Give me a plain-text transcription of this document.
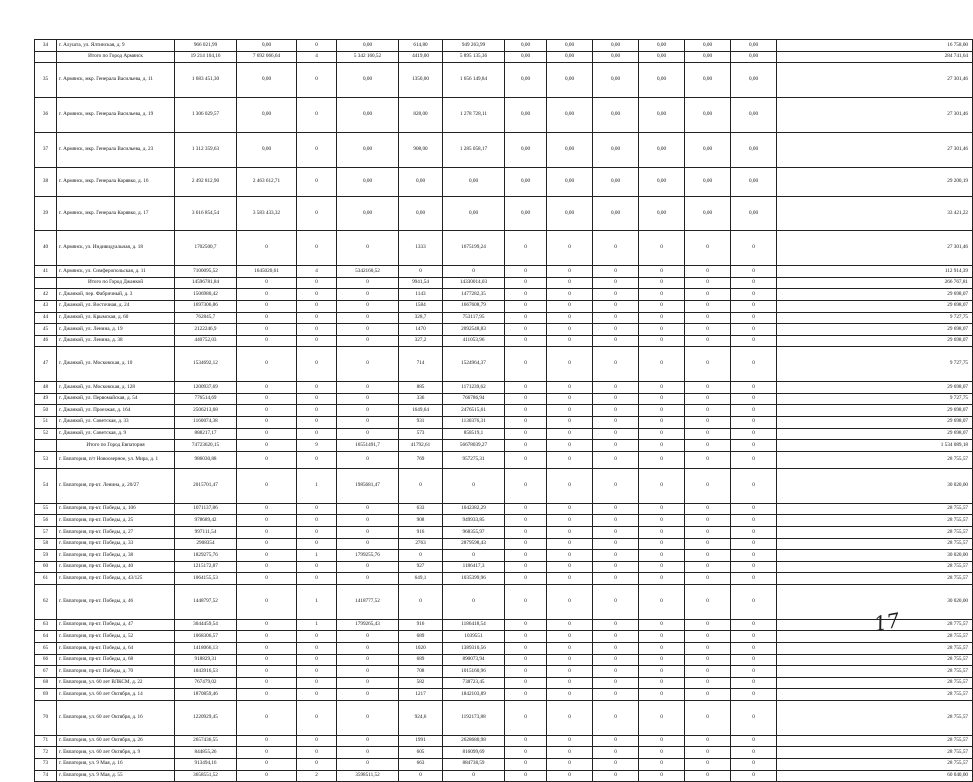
34	г. Алушта, ул. Ялтинская, д. 9	966 021,99	0,00	0	0,00	614,80	949 263,99	0,00	0,00	0,00	0,00	0,00	0,00	16 758,00
	Итого по Город Армянск	19 214 104,16	7 692 066,64	4	5 342 160,52	4419,00	5 895 135,36	0,00	0,00	0,00	0,00	0,00	0,00	284 741,64
35	г. Армянск, мкр. Генерала Васильева, д. 11	1 683 451,30	0,00	0	0,00	1350,00	1 656 149,84	0,00	0,00	0,00	0,00	0,00	0,00	27 301,46
36	г. Армянск, мкр. Генерала Васильева, д. 19	1 306 029,57	0,00	0	0,00	828,00	1 278 728,11	0,00	0,00	0,00	0,00	0,00	0,00	27 301,46
37	г. Армянск, мкр. Генерала Васильева, д. 23	1 312 359,63	0,00	0	0,00	908,00	1 285 058,17	0,00	0,00	0,00	0,00	0,00	0,00	27 301,46
38	г. Армянск, мкр. Генерала Корявко, д. 16	2 492 812,90	2 463 612,71	0	0,00	0,00	0,00	0,00	0,00	0,00	0,00	0,00	0,00	29 200,19
39	г. Армянск, мкр. Генерала Корявко, д. 17	3 616 854,54	3 583 433,32	0	0,00	0,00	0,00	0,00	0,00	0,00	0,00	0,00	0,00	33 421,22
40	г. Армянск, ул. Индивидуальная, д. 18	1702500,7	0	0	0	1333	1675199,24	0	0	0	0	0	0	27 301,46
41	г. Армянск, ул. Симферопольская, д. 11	7100095,52	1645020,61	4	5342160,52	0	0	0	0	0	0	0	0	112 914,39
	Итого по Город Джанкой	14596781,84	0	0	0	9941,54	14330014,03	0	0	0	0	0	0	266 767,81
42	г. Джанкой, пер. Фабричный, д. 3	1506980,42	0	0	0	1143	1477282,35	0	0	0	0	0	0	29 698,07
43	г. Джанкой, ул. Восточная, д. 24	1697306,86	0	0	0	1584	1667608,79	0	0	0	0	0	0	29 698,07
44	г. Джанкой, ул. Крымская, д. 60	762845,7	0	0	0	328,7	753117,95	0	0	0	0	0	0	9 727,75
45	г. Джанкой, ул. Ленина, д. 19	2122246,9	0	0	0	1470	2092548,83	0	0	0	0	0	0	29 698,07
46	г. Джанкой, ул. Ленина, д. 38	440752,03	0	0	0	327,2	411053,96	0	0	0	0	0	0	29 698,07
47	г. Джанкой, ул. Московская, д. 10	1534692,12	0	0	0	714	1524964,37	0	0	0	0	0	0	9 727,75
48	г. Джанкой, ул. Московская, д. 128	1200937,69	0	0	0	885	1171239,62	0	0	0	0	0	0	29 698,07
49	г. Джанкой, ул. Первомайская, д. 54	776514,69	0	0	0	336	766786,94	0	0	0	0	0	0	9 727,75
50	г. Джанкой, ул. Проезжая, д. 164	2506213,68	0	0	0	1649,64	2476515,61	0	0	0	0	0	0	29 698,07
51	г. Джанкой, ул. Советская, д. 33	1160074,38	0	0	0	931	1130376,31	0	0	0	0	0	0	29 698,07
52	г. Джанкой, ул. Советская, д. 9	888217,17	0	0	0	573	858519,1	0	0	0	0	0	0	29 698,07
	Итого по Город Евпатория	74723620,15	0	9	16551491,7	41792,61	56678039,27	0	0	0	0	0	0	1 534 089,18
53	г. Евпатория, п/т Новоозерное, ул. Мира, д. 1	986030,88	0	0	0	769	957275,31	0	0	0	0	0	0	28 755,57
54	г. Евпатория, пр-кт. Ленина, д. 20/27	2015701,47	0	1	1985681,47	0	0	0	0	0	0	0	0	30 020,00
55	г. Евпатория, пр-кт. Победы, д. 106	1071137,86	0	0	0	633	1042382,29	0	0	0	0	0	0	28 755,57
56	г. Евпатория, пр-кт. Победы, д. 25	978689,42	0	0	0	908	949933,85	0	0	0	0	0	0	28 755,57
57	г. Евпатория, пр-кт. Победы, д. 27	997111,54	0	0	0	916	968355,97	0	0	0	0	0	0	28 755,57
58	г. Евпатория, пр-кт. Победы, д. 33	2908354	0	0	0	2763	2879598,43	0	0	0	0	0	0	28 755,57
59	г. Евпатория, пр-кт. Победы, д. 38	1829275,76	0	1	1799255,76	0	0	0	0	0	0	0	0	30 020,00
60	г. Евпатория, пр-кт. Победы, д. 40	1215172,87	0	0	0	927	1186417,3	0	0	0	0	0	0	28 755,57
61	г. Евпатория, пр-кт. Победы, д. 43/125	1064155,53	0	0	0	649,1	1035399,96	0	0	0	0	0	0	28 755,57
62	г. Евпатория, пр-кт. Победы, д. 46	1448797,52	0	1	1418777,52	0	0	0	0	0	0	0	0	30 020,00
63	г. Евпатория, пр-кт. Победы, д. 47	3044459,54	0	1	1799265,43	916	1186418,54	0	0	0	0	0	0	28 775,57
64	г. Евпатория, пр-кт. Победы, д. 52	1068306,57	0	0	0	689	1039551	0	0	0	0	0	0	28 755,57
65	г. Евпатория, пр-кт. Победы, д. 64	1418066,13	0	0	0	1020	1389310,56	0	0	0	0	0	0	28 755,57
66	г. Евпатория, пр-кт. Победы, д. 68	918829,31	0	0	0	689	890073,94	0	0	0	0	0	0	28 755,57
67	г. Евпатория, пр-кт. Победы, д. 70	1043916,53	0	0	0	708	1015160,96	0	0	0	0	0	0	28 755,57
68	г. Евпатория, ул. 60 лет ВЛКСМ, д. 22	767479,02	0	0	0	582	738723,45	0	0	0	0	0	0	28 755,57
69	г. Евпатория, ул. 60 лет Октября, д. 14	1870859,46	0	0	0	1217	1842103,89	0	0	0	0	0	0	28 755,57
70	г. Евпатория, ул. 60 лет Октября, д. 16	1220929,45	0	0	0	924,6	1192173,88	0	0	0	0	0	0	28 755,57
71	г. Евпатория, ул. 60 лет Октября, д. 26	2657436,55	0	0	0	1991	2628680,98	0	0	0	0	0	0	28 755,57
72	г. Евпатория, ул. 60 лет Октября, д. 9	844855,26	0	0	0	605	816099,69	0	0	0	0	0	0	28 755,57
73	г. Евпатория, ул. 9 Мая, д. 16	913494,16	0	0	0	663	884738,59	0	0	0	0	0	0	28 755,57
74	г. Евпатория, ул. 9 Мая, д. 55	3658551,52	0	2	3598511,52	0	0	0	0	0	0	0	0	60 040,00
17
